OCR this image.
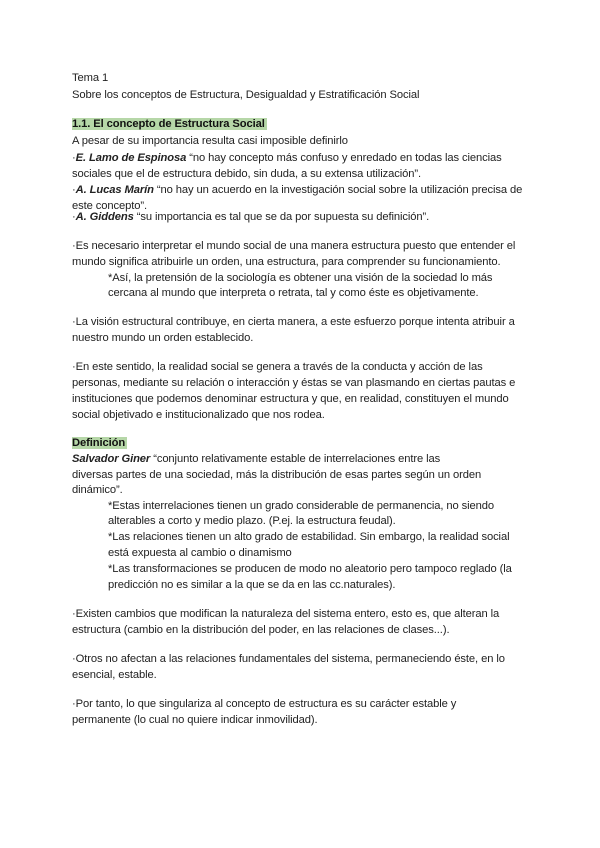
Tema 1
Sobre los conceptos de Estructura, Desigualdad y Estratificación Social
1.1. El concepto de Estructura Social
A pesar de su importancia resulta casi imposible definirlo
·E. Lamo de Espinosa “no hay concepto más confuso y enredado en todas las ciencias
sociales que el de estructura debido, sin duda, a su extensa utilización”.
·A. Lucas Marín “no hay un acuerdo en la investigación social sobre la utilización precisa de
este concepto”.
·A. Giddens “su importancia es tal que se da por supuesta su definición”.
·Es necesario interpretar el mundo social de una manera estructura puesto que entender el
mundo significa atribuirle un orden, una estructura, para comprender su funcionamiento.
*Así, la pretensión de la sociología es obtener una visión de la sociedad lo más
cercana al mundo que interpreta o retrata, tal y como éste es objetivamente.
·La visión estructural contribuye, en cierta manera, a este esfuerzo porque intenta atribuir a
nuestro mundo un orden establecido.
·En este sentido, la realidad social se genera a través de la conducta y acción de las
personas, mediante su relación o interacción y éstas se van plasmando en ciertas pautas e
instituciones que podemos denominar estructura y que, en realidad, constituyen el mundo
social objetivado e institucionalizado que nos rodea.
Definición
Salvador Giner “conjunto relativamente estable de interrelaciones entre las
diversas partes de una sociedad, más la distribución de esas partes según un orden
dinámico”.
*Estas interrelaciones tienen un grado considerable de permanencia, no siendo
alterables a corto y medio plazo. (P.ej. la estructura feudal).
*Las relaciones tienen un alto grado de estabilidad. Sin embargo, la realidad social
está expuesta al cambio o dinamismo
*Las transformaciones se producen de modo no aleatorio pero tampoco reglado (la
predicción no es similar a la que se da en las cc.naturales).
·Existen cambios que modifican la naturaleza del sistema entero, esto es, que alteran la
estructura (cambio en la distribución del poder, en las relaciones de clases...).
·Otros no afectan a las relaciones fundamentales del sistema, permaneciendo éste, en lo
esencial, estable.
·Por tanto, lo que singulariza al concepto de estructura es su carácter estable y
permanente (lo cual no quiere indicar inmovilidad).
